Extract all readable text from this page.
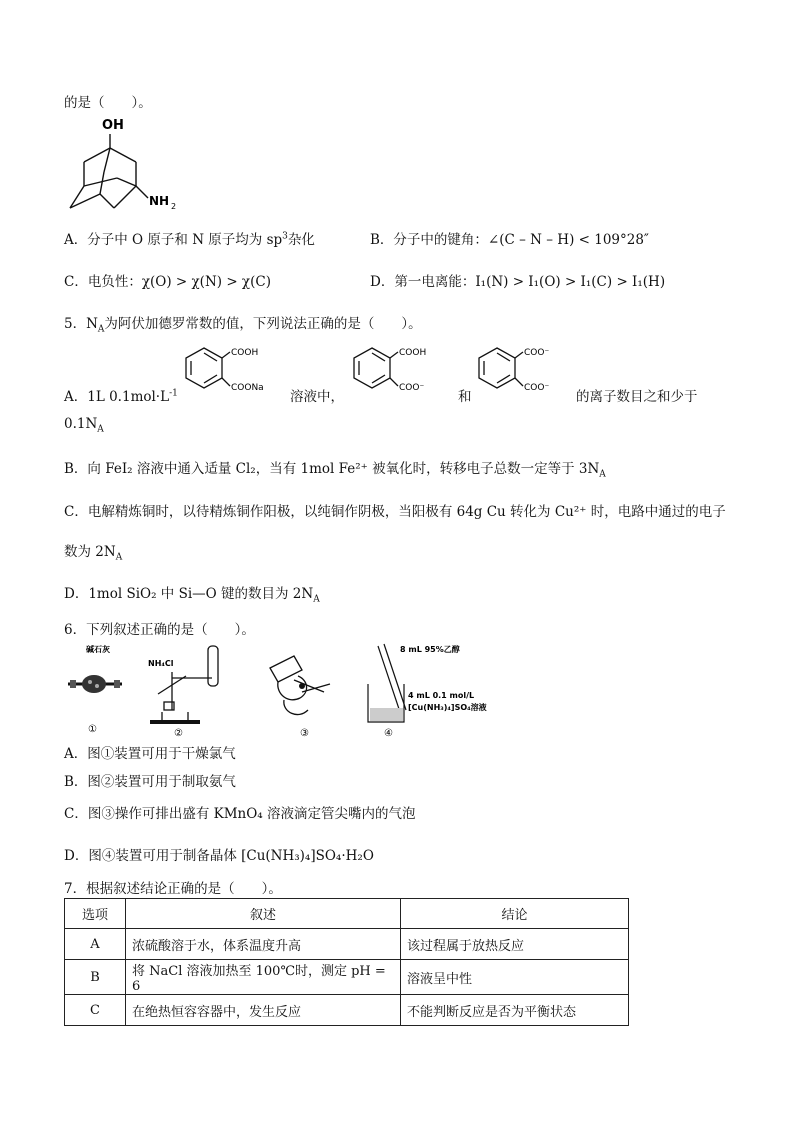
的是（　　）。
OH
NH 2
A．分子中 O 原子和 N 原子均为 $sp^3$杂化	B．分子中的键角：∠(C – N – H) < 109°28″
C．电负性：χ(O) > χ(N) > χ(C)	D．第一电离能：I₁(N) > I₁(O) > I₁(C) > I₁(H)
5．$N_A$为阿伏加德罗常数的值，下列说法正确的是（　　）。
A．1L $0.1mol\cdot L^{-1}$
COOH
COONa
溶液中，
COOH
COO⁻
和
COO⁻
COO⁻
的离子数目之和少于
$0.1N_A$
B．向 FeI₂ 溶液中通入适量 Cl₂，当有 1mol Fe²⁺ 被氧化时，转移电子总数一定等于 $3N_A$
C．电解精炼铜时，以待精炼铜作阳极，以纯铜作阴极，当阳极有 64g Cu 转化为 Cu²⁺ 时，电路中通过的电子
数为 $2N_A$
D．1mol SiO₂ 中 Si—O 键的数目为 $2N_A$
6．下列叙述正确的是（　　）。
碱石灰
①
NH₄Cl
②	③
8 mL 95%乙醇
4 mL 0.1 mol/L
[Cu(NH₃)₄]SO₄溶液
④
A．图①装置可用于干燥氯气
B．图②装置可用于制取氨气
C．图③操作可排出盛有 KMnO₄ 溶液滴定管尖嘴内的气泡
D．图④装置可用于制备晶体 [Cu(NH₃)₄]SO₄·H₂O
7．根据叙述结论正确的是（　　）。
选项	叙述	结论
A	浓硫酸溶于水，体系温度升高	该过程属于放热反应
B	将 NaCl 溶液加热至 100℃时，测定 pH = 6	溶液呈中性
C	在绝热恒容容器中，发生反应	不能判断反应是否为平衡状态
